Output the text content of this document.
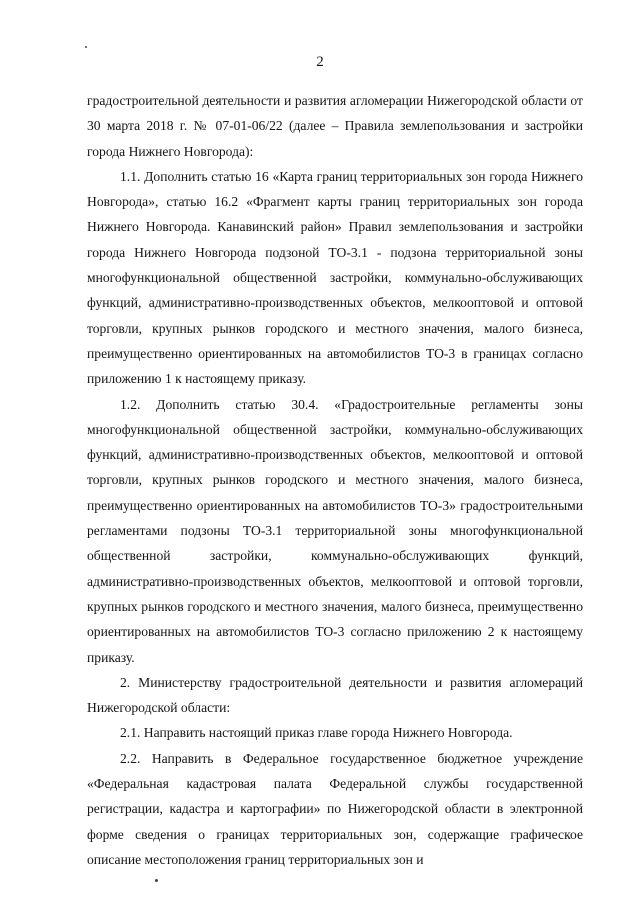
2

градостроительной деятельности и развития агломерации Нижегородской области от 30 марта 2018 г. № 07-01-06/22 (далее – Правила землепользования и застройки города Нижнего Новгорода):

1.1. Дополнить статью 16 «Карта границ территориальных зон города Нижнего Новгорода», статью 16.2 «Фрагмент карты границ территориальных зон города Нижнего Новгорода. Канавинский район» Правил землепользования и застройки города Нижнего Новгорода подзоной ТО-3.1 - подзона территориальной зоны многофункциональной общественной застройки, коммунально-обслуживающих функций, административно-производственных объектов, мелкооптовой и оптовой торговли, крупных рынков городского и местного значения, малого бизнеса, преимущественно ориентированных на автомобилистов ТО-3 в границах согласно приложению 1 к настоящему приказу.

1.2. Дополнить статью 30.4. «Градостроительные регламенты зоны многофункциональной общественной застройки, коммунально-обслуживающих функций, административно-производственных объектов, мелкооптовой и оптовой торговли, крупных рынков городского и местного значения, малого бизнеса, преимущественно ориентированных на автомобилистов ТО-3» градостроительными регламентами подзоны ТО-3.1 территориальной зоны многофункциональной общественной застройки, коммунально-обслуживающих функций, административно-производственных объектов, мелкооптовой и оптовой торговли, крупных рынков городского и местного значения, малого бизнеса, преимущественно ориентированных на автомобилистов ТО-3 согласно приложению 2 к настоящему приказу.

2. Министерству градостроительной деятельности и развития агломераций Нижегородской области:

2.1. Направить настоящий приказ главе города Нижнего Новгорода.

2.2. Направить в Федеральное государственное бюджетное учреждение «Федеральная кадастровая палата Федеральной службы государственной регистрации, кадастра и картографии» по Нижегородской области в электронной форме сведения о границах территориальных зон, содержащие графическое описание местоположения границ территориальных зон и
